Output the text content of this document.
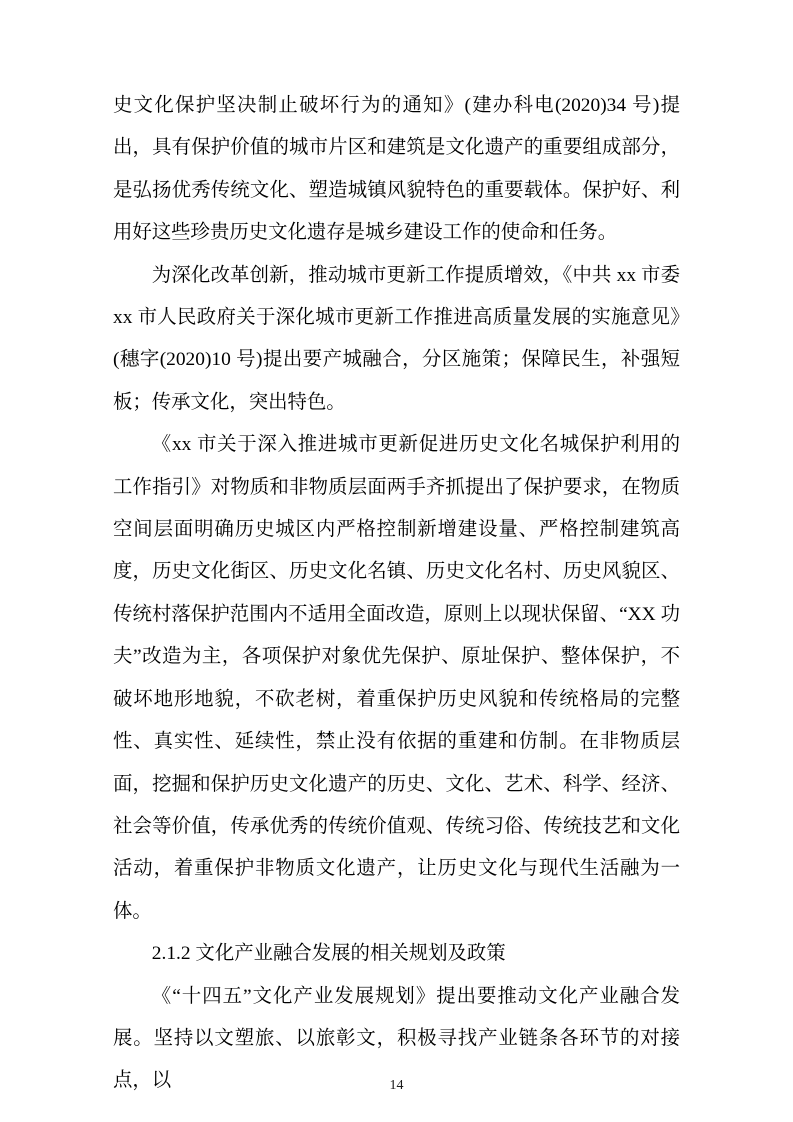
史文化保护坚决制止破坏行为的通知》(建办科电(2020)34 号)提出，具有保护价值的城市片区和建筑是文化遗产的重要组成部分，是弘扬优秀传统文化、塑造城镇风貌特色的重要载体。保护好、利用好这些珍贵历史文化遗存是城乡建设工作的使命和任务。
为深化改革创新，推动城市更新工作提质增效，《中共 xx 市委 xx 市人民政府关于深化城市更新工作推进高质量发展的实施意见》(穗字(2020)10 号)提出要产城融合，分区施策；保障民生，补强短板；传承文化，突出特色。
《xx 市关于深入推进城市更新促进历史文化名城保护利用的工作指引》对物质和非物质层面两手齐抓提出了保护要求，在物质空间层面明确历史城区内严格控制新增建设量、严格控制建筑高度，历史文化街区、历史文化名镇、历史文化名村、历史风貌区、传统村落保护范围内不适用全面改造，原则上以现状保留、“XX 功夫”改造为主，各项保护对象优先保护、原址保护、整体保护，不破坏地形地貌，不砍老树，着重保护历史风貌和传统格局的完整性、真实性、延续性，禁止没有依据的重建和仿制。在非物质层面，挖掘和保护历史文化遗产的历史、文化、艺术、科学、经济、社会等价值，传承优秀的传统价值观、传统习俗、传统技艺和文化活动，着重保护非物质文化遗产，让历史文化与现代生活融为一体。
2.1.2 文化产业融合发展的相关规划及政策
《“十四五”文化产业发展规划》提出要推动文化产业融合发展。坚持以文塑旅、以旅彰文，积极寻找产业链条各环节的对接点，以	14
